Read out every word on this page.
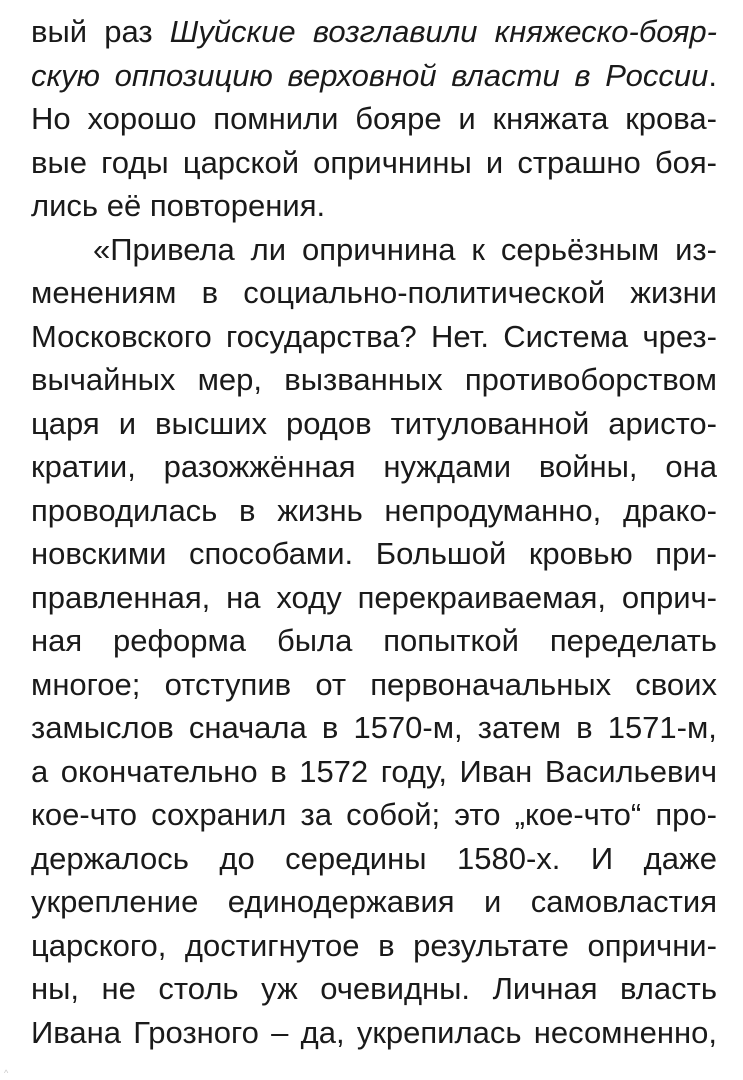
вый раз Шуйские возглавили княжеско-бояр-
скую оппозицию верховной власти в России.
Но хорошо помнили бояре и княжата крова-
вые годы царской опричнины и страшно боя-
лись её повторения.
«Привела ли опричнина к серьёзным из-
менениям в социально-политической жизни
Московского государства? Нет. Система чрез-
вычайных мер, вызванных противоборством
царя и высших родов титулованной аристо-
кратии, разожжённая нуждами войны, она
проводилась в жизнь непродуманно, драко-
новскими способами. Большой кровью при-
правленная, на ходу перекраиваемая, оприч-
ная реформа была попыткой переделать
многое; отступив от первоначальных своих
замыслов сначала в 1570-м, затем в 1571-м,
а окончательно в 1572 году, Иван Васильевич
кое-что сохранил за собой; это „кое-что“ про-
держалось до середины 1580-х. И даже
укрепление единодержавия и самовластия
царского, достигнутое в результате опрични-
ны, не столь уж очевидны. Личная власть
Ивана Грозного – да, укрепилась несомненно,
^
